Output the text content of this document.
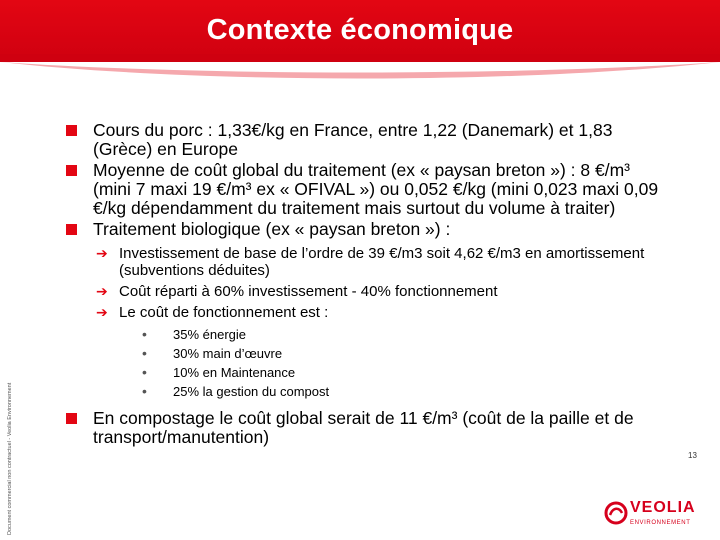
Contexte économique
Document commercial non contractuel - Veolia Environnement
Cours du porc : 1,33€/kg en France, entre 1,22 (Danemark) et 1,83 (Grèce) en Europe
Moyenne de coût global du traitement (ex « paysan breton ») : 8 €/m³ (mini 7 maxi 19 €/m³ ex « OFIVAL ») ou 0,052 €/kg (mini 0,023 maxi 0,09 €/kg dépendamment du traitement mais surtout du volume à traiter)
Traitement biologique (ex « paysan breton ») :
➔ Investissement de base de l’ordre de 39 €/m3 soit 4,62 €/m3 en amortissement (subventions déduites)
➔ Coût réparti à 60% investissement - 40% fonctionnement
➔ Le coût de fonctionnement est :
• 35% énergie
• 30% main d’œuvre
• 10% en Maintenance
• 25% la gestion du compost
En compostage le coût global serait de 11 €/m³ (coût de la paille et de transport/manutention)
13
VEOLIA
ENVIRONNEMENT
